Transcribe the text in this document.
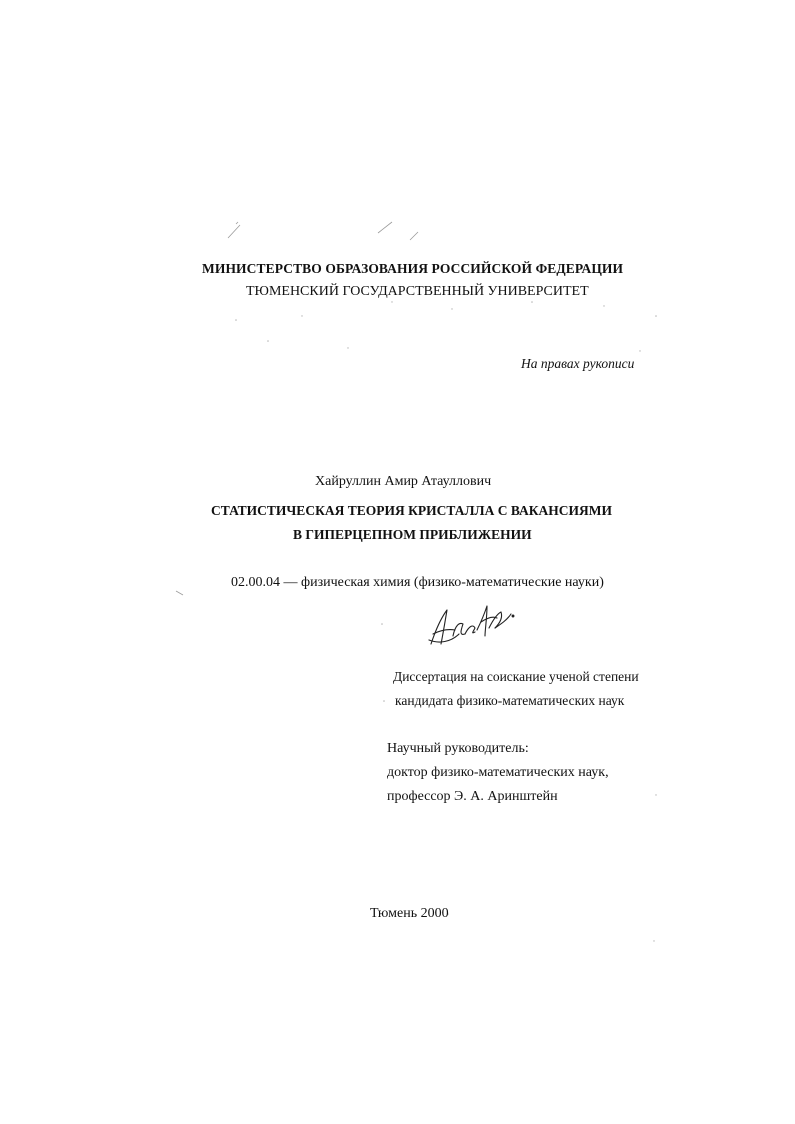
МИНИСТЕРСТВО ОБРАЗОВАНИЯ РОССИЙСКОЙ ФЕДЕРАЦИИ
ТЮМЕНСКИЙ ГОСУДАРСТВЕННЫЙ УНИВЕРСИТЕТ
На правах рукописи
Хайруллин Амир Атауллович
СТАТИСТИЧЕСКАЯ ТЕОРИЯ КРИСТАЛЛА С ВАКАНСИЯМИ
В ГИПЕРЦЕПНОМ ПРИБЛИЖЕНИИ
02.00.04 — физическая химия (физико-математические науки)
Диссертация на соискание ученой степени
кандидата физико-математических наук
Научный руководитель:
доктор физико-математических наук,
профессор Э. А. Аринштейн
Тюмень 2000
